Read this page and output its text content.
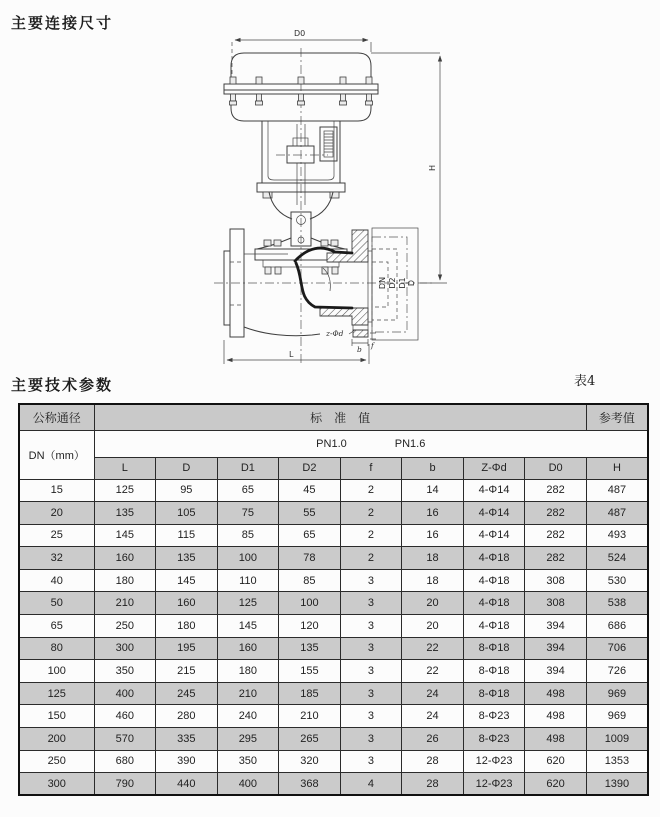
主要连接尺寸
D0
DN D2 D1 D
z-Φd
b f
H
L
主要技术参数	表4
公称通径	标　准　值								参考值
DN（mm）	PN1.0 PN1.6								
	L	D	D1	D2	f	b	Z-Φd	D0	H
15	125	95	65	45	2	14	4-Φ14	282	487
20	135	105	75	55	2	16	4-Φ14	282	487
25	145	115	85	65	2	16	4-Φ14	282	493
32	160	135	100	78	2	18	4-Φ18	282	524
40	180	145	110	85	3	18	4-Φ18	308	530
50	210	160	125	100	3	20	4-Φ18	308	538
65	250	180	145	120	3	20	4-Φ18	394	686
80	300	195	160	135	3	22	8-Φ18	394	706
100	350	215	180	155	3	22	8-Φ18	394	726
125	400	245	210	185	3	24	8-Φ18	498	969
150	460	280	240	210	3	24	8-Φ23	498	969
200	570	335	295	265	3	26	8-Φ23	498	1009
250	680	390	350	320	3	28	12-Φ23	620	1353
300	790	440	400	368	4	28	12-Φ23	620	1390
